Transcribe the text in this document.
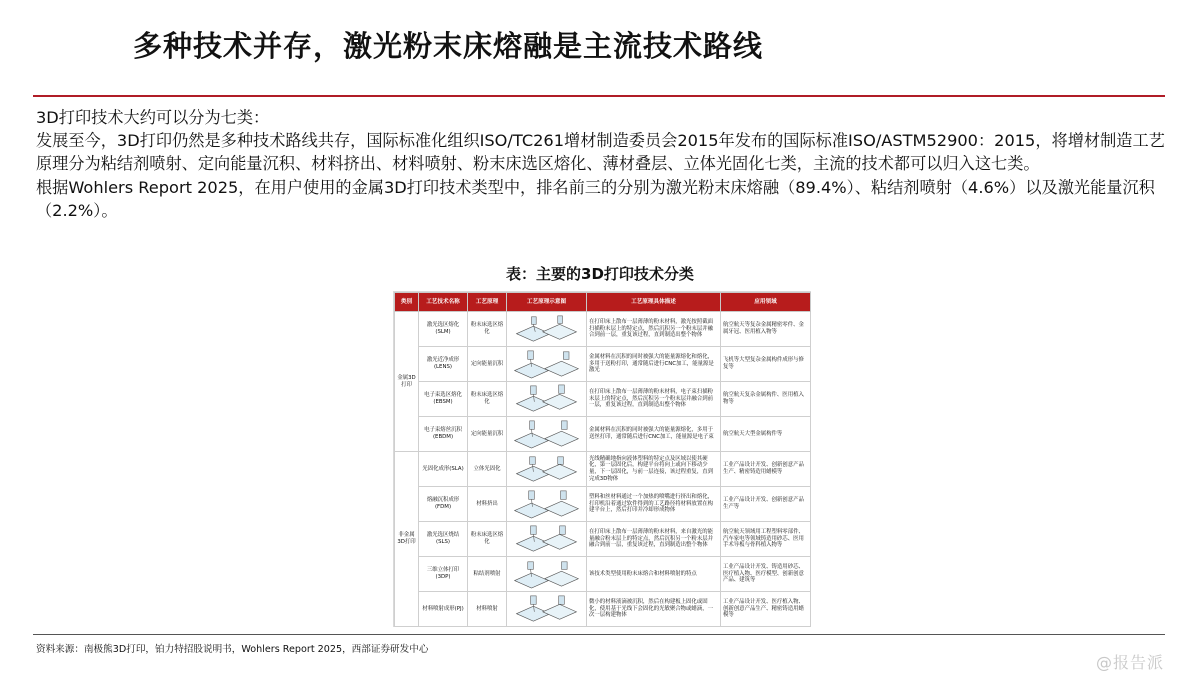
多种技术并存，激光粉末床熔融是主流技术路线

3D打印技术大约可以分为七类：

发展至今，3D打印仍然是多种技术路线共存，国际标准化组织ISO/TC261增材制造委员会2015年发布的国际标准ISO/ASTM52900：2015，将增材制造工艺原理分为粘结剂喷射、定向能量沉积、材料挤出、材料喷射、粉末床选区熔化、薄材叠层、立体光固化七类，主流的技术都可以归入这七类。

根据Wohlers Report 2025，在用户使用的金属3D打印技术类型中，排名前三的分别为激光粉末床熔融（89.4%）、粘结剂喷射（4.6%）以及激光能量沉积（2.2%）。

表：主要的3D打印技术分类
类别	工艺技术名称	工艺原理	工艺原理示意图	工艺原理具体描述	应用领域
金属3D打印	激光选区熔化(SLM)	粉末床选区熔化		在打印床上散布一层薄薄的粉末材料，激光按照截面扫描粉末层上的特定点，然后沉积另一个粉末层并融合到前一层，重复该过程，直到制造出整个物体	航空航天等复杂金属精密零件、金属牙冠、医用植入物等
	激光近净成形(LENS)	定向能量沉积		金属材料在沉积的同时被强大的能量源熔化和熔化，多用于送粉打印，通常随后进行CNC加工，能量源是激光	飞机等大型复杂金属构件成形与修复等
	电子束选区熔化(EBSM)	粉末床选区熔化		在打印床上散布一层薄薄的粉末材料，电子束扫描粉末层上的特定点，然后沉积另一个粉末层并融合到前一层，重复该过程，直到制造出整个物体	航空航天复杂金属构件、医用植入物等
	电子束熔丝沉积(EBDM)	定向能量沉积		金属材料在沉积的同时被强大的能量源熔化，多用于送丝打印，通常随后进行CNC加工，能量源是电子束	航空航天大型金属构件等
非金属3D打印	光固化成形(SLA)	立体光固化		光线精确地指向液体塑料的特定点及区域以使其硬化，第一层固化后，构建平台将向上或向下移动少量，下一层固化，与前一层连接，该过程重复，直到完成3D物体	工业产品设计开发、创新创意产品生产、精密铸造用蜡模等
	熔融沉积成形(FDM)	材料挤出		塑料和丝材料通过一个加热的喷嘴进行挤出和熔化，打印机沿着通过软件得到的工艺路径将材料放置在构建平台上，然后打印并冷却形成物体	工业产品设计开发、创新创意产品生产等
	激光选区烧结(SLS)	粉末床选区熔化		在打印床上散布一层薄薄的粉末材料，来自激光的能量融合粉末层上的特定点，然后沉积另一个粉末层并融合到前一层，重复该过程，直到制造出整个物体	航空航天领域用工程塑料零部件、汽车家电等领域铸造用砂芯、医用手术导板与骨科植入物等
	三维立体打印(3DP)	粘结剂喷射		该技术类型使用粉末床熔合和材料喷射的特点	工业产品设计开发、铸造用砂芯、医疗植入物、医疗模型、创新创意产品、建筑等
	材料喷射成形(PJ)	材料喷射		微小的材料液滴被沉积，然后在构建板上固化或固化，使用基于光线下会固化的光敏聚合物或蜡滴，一次一层构建物体	工业产品设计开发、医疗植入物、创新创意产品生产、精密铸造用蜡模等
资料来源：南极熊3D打印，铂力特招股说明书，Wohlers Report 2025，西部证券研发中心
@报告派
